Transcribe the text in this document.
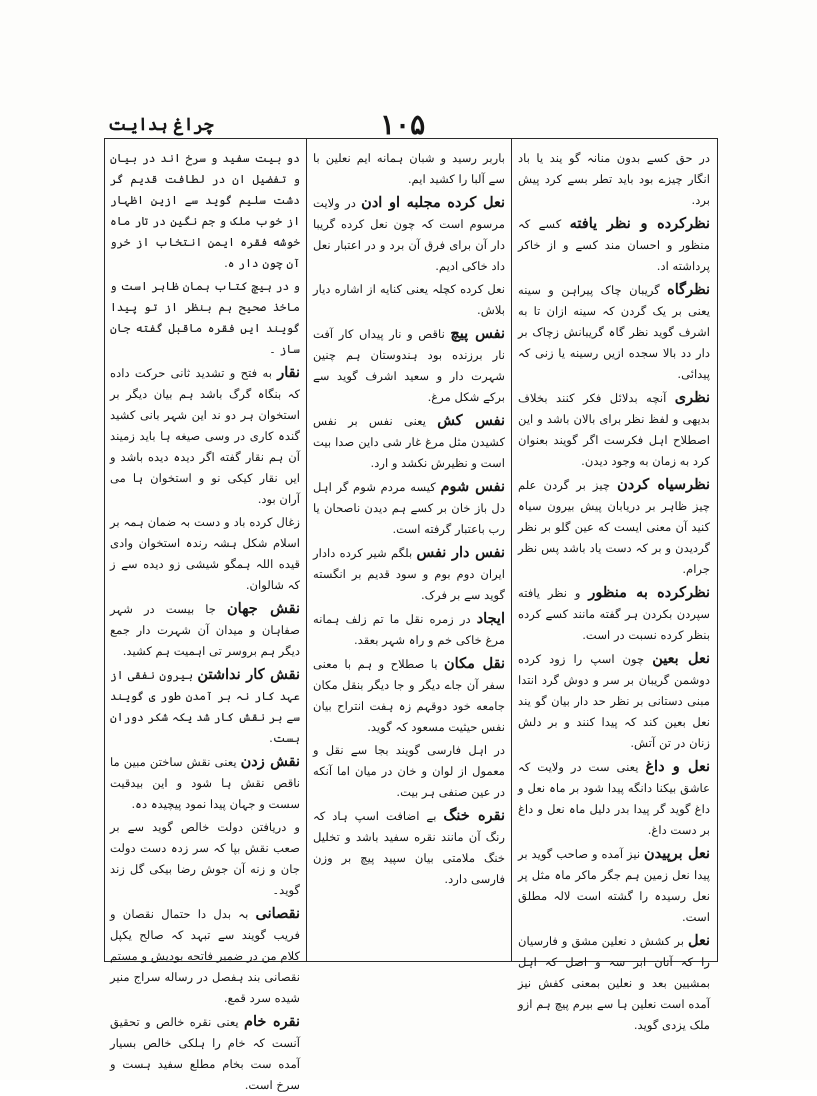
چراغ ہدایت	۱۰۵

دو بیت سفید و سرخ اند در بیان و تفضیل ان در لطافت قدیم گر دشت سلیم گوید سے ازین اظہار از خوب ملک و جم نگین در تار ماہ خوشه فقره ایمن انتخاب از خرو آن چون دار ہ.

و در ہیچ کتاب ہمان ظاہر است و ماخذ صحیح ہم بنظر از تو پیدا گویند ایں فقره ماقبل گفته جان ساز ۔

نقار به فتح و تشدید ثانی حرکت داده کہ بنگاہ گرگ باشد ہم بیان دیگر بر استخوان ہر دو ند این شہر بانی کشید گندہ کاری در وسی صیغه ہا باید زمیند آن ہم نقار گفته اگر دیدہ دیده باشد و ایں نقار کیکی نو و استخوان ہا می آران بود.

زغال کرده باد و دست بہ ضمان ہمہ بر اسلام شکل ہشہ رندہ استخوان وادی قیده اللہ ہمگو شیشی زو دیده سے ز کہ شالوان.

نقش جهان جا بیست در شہر صفاہان و میدان آن شہرت دار جمع دیگر ہم بروسر تی اہمیت ہم کشید.

نقش کار نداشتن بیرون نفقی از عہد کار نہ بر آمدن طور ی گویند سے بر نقش کار شد یکہ شکر دوران ہست.

نقش زدن یعنی نقش ساختن مبین ما ناقص نقش ہا شود و این بیدقیت سست و جہان پیدا نمود پیچیدہ دہ.

و دریافتن دولت خالص گوید سے بر صعب نقش بپا کہ سر زدہ دست دولت جان و زنه آن جوش رضا بیکی گل زند گوید۔

نقصانی بہ بدل دا حتمال نقصان و فریب گویند سے تبہد کہ صالح یکپل کلام من در ضمیر فاتحه بودیش و مستم نقصانی بند ہفصل در رساله سراج منیر شیده سرد قمع.

نقره خام یعنی نقره خالص و تحقیق آنست کہ خام را ہلکی خالص بسیار آمده ست بخام مطلع سفید ہست و سرخ است.

باربر رسید و شبان ہمانه ایم نعلین با سے آلبا را کشید ایم.

نعل کرده مجلبه او ادن در ولایت مرسوم است کہ چون نعل کرده گریبا دار آن برای فرق آن برد و در اعتبار نعل داد خاکی ادیم.

نعل کرده کچلہ یعنی کنایه از اشاره دیار بلاش.

نفس پیچ ناقص و نار پیداں کار آفت نار برزنده بود ہندوستان ہم چنین شہرت دار و سعید اشرف گوید سے برکے شکل مرغ.

نفس کش یعنی نفس بر نفس کشیدن مثل مرغ غار شی داین صدا بیت است و نظیرش نکشد و ارد.

نفس شوم کیسه مردم شوم گر اہل دل باز خان بر کسے ہم دیدن ناصحان یا رب باعتبار گرفته است.

نفس دار نفس بلگم شیر کرده دادار ایران دوم بوم و سود قدیم بر انگسته گوید سے بر فرک.

ایجاد در زمره نقل ما تم زلف ہمانه مرغ خاکی خم و راہ شہر بعقد.

نقل مکان با صطلاح و ہم با معنی سفر آن جاے دیگر و جا دیگر بنقل مکان جامعه خود دوقہم زہ ہفت انتراح بیان نفس حیثیت مسعود کہ گوید.

در اہل فارسی گویند بجا سے نقل و معمول از لوان و خان در میان اما آنکه در عین صنفی ہر بیت.

نقره خنگ بے اضافت اسپ ہاد کہ رنگ آن مانند نقره سفید باشد و تخلیل خنگ ملامتی بیان سپید پیچ بر وزن فارسی دارد.

در حق کسے بدون منانہ گو یند یا باد انگار چیزے بود باید تطر بسے کرد پیش برد.

نظرکرده و نظر یافته کسے کہ منظور و احسان مند کسے و از خاکر پرداشته اد.

نظرگاه گریبان چاک پیراہن و سینه یعنی بر یک گردن کہ سینه ازان تا به اشرف گوید نظر گاہ گریبانش زچاک بر دار دد بالا سجده ازیں رسینه یا زنی کہ پیدائی.

نظری آنچه بدلائل فکر کنند بخلاف بدیهی و لفظ نظر برای بالان باشد و این اصطلاح اہل فکرست اگر گویند بعنوان کرد به زمان به وجود دیدن.

نظرسیاه کردن چیز بر گردن علم چیز ظاہر بر دریابان پیش بیرون سیاہ کنید آن معنی ایست که عین گلو بر نظر گردیدن و بر کہ دست یاد باشد پس نظر جرام.

نظرکرده به منظور و نظر یافته سپردن بکردن ہر گفته مانند کسے کرده بنظر کرده نسبت در است.

نعل بعین چون اسپ را زود کرده دوشمن گریبان بر سر و دوش گرد انتدا مبنی دستانی بر نظر حد دار بیان گو یند نعل بعین کند کہ پیدا کنند و بر دلش زنان در تن آتش.

نعل و داغ یعنی ست در ولایت کہ عاشق بیکنا دانگه پیدا شود بر ماہ نعل و داغ گوید گر پیدا بدر دلیل ماہ نعل و داغ بر دست داغ.

نعل برپیدن نیز آمده و صاحب گوید بر پیدا نعل زمین ہم جگر ماکر ماہ مثل پر نعل رسیدہ را گشته است لالہ مطلق است.

نعل بر کشش د نعلین مشق و فارسیان را کہ آنان ابر سہ و اصل کہ اہل بمشیین بعد و نعلین بمعنی کفش نیز آمده است نعلین ہا سے بیرم پیچ ہم ازو ملک یزدی گوید.
